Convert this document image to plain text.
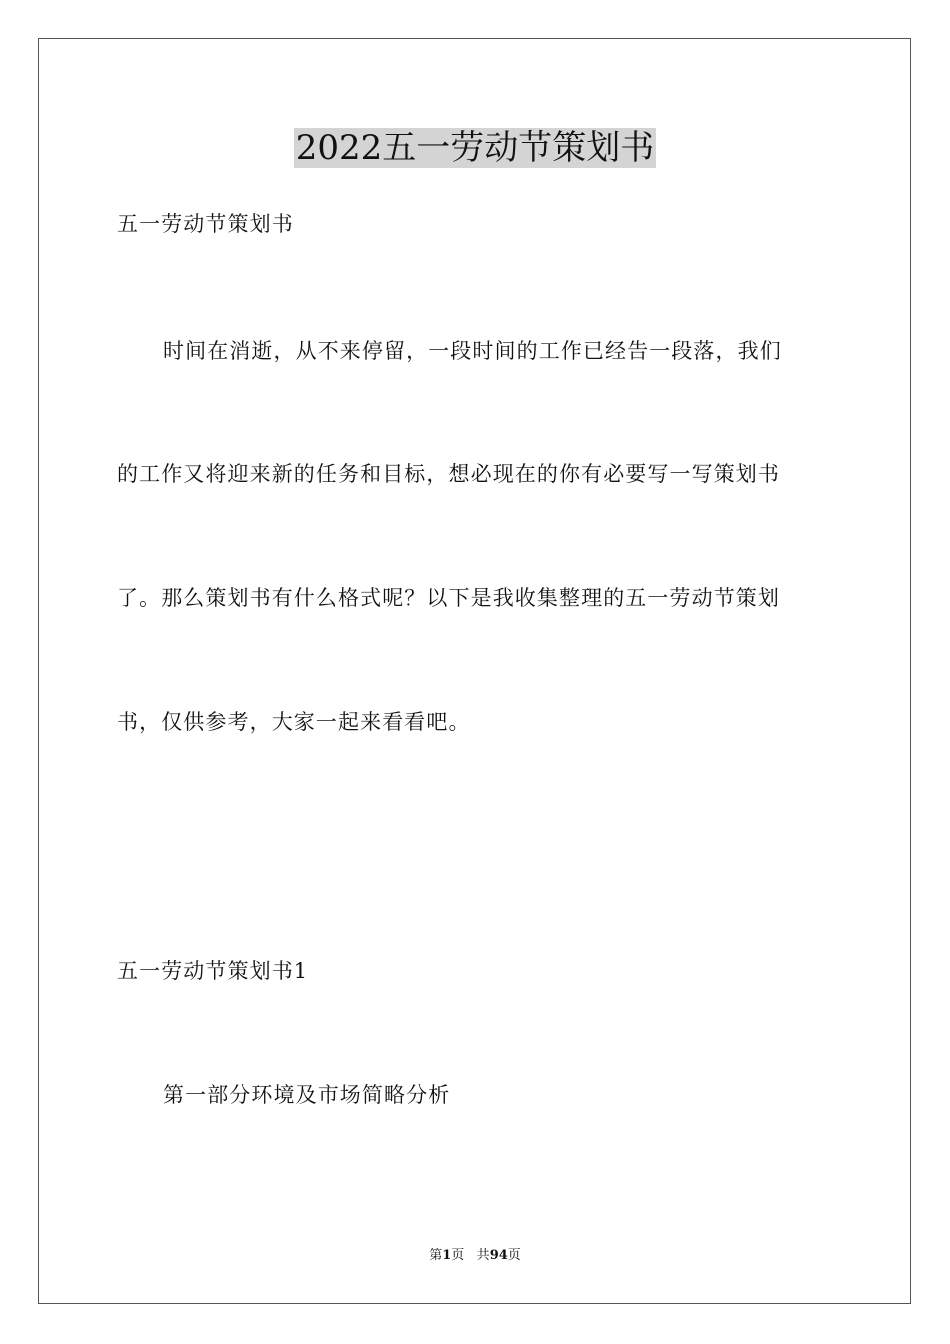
2022五一劳动节策划书
五一劳动节策划书
时间在消逝，从不来停留，一段时间的工作已经告一段落，我们
的工作又将迎来新的任务和目标，想必现在的你有必要写一写策划书
了。那么策划书有什么格式呢？以下是我收集整理的五一劳动节策划
书，仅供参考，大家一起来看看吧。
五一劳动节策划书1
第一部分环境及市场简略分析
第1页 共94页
